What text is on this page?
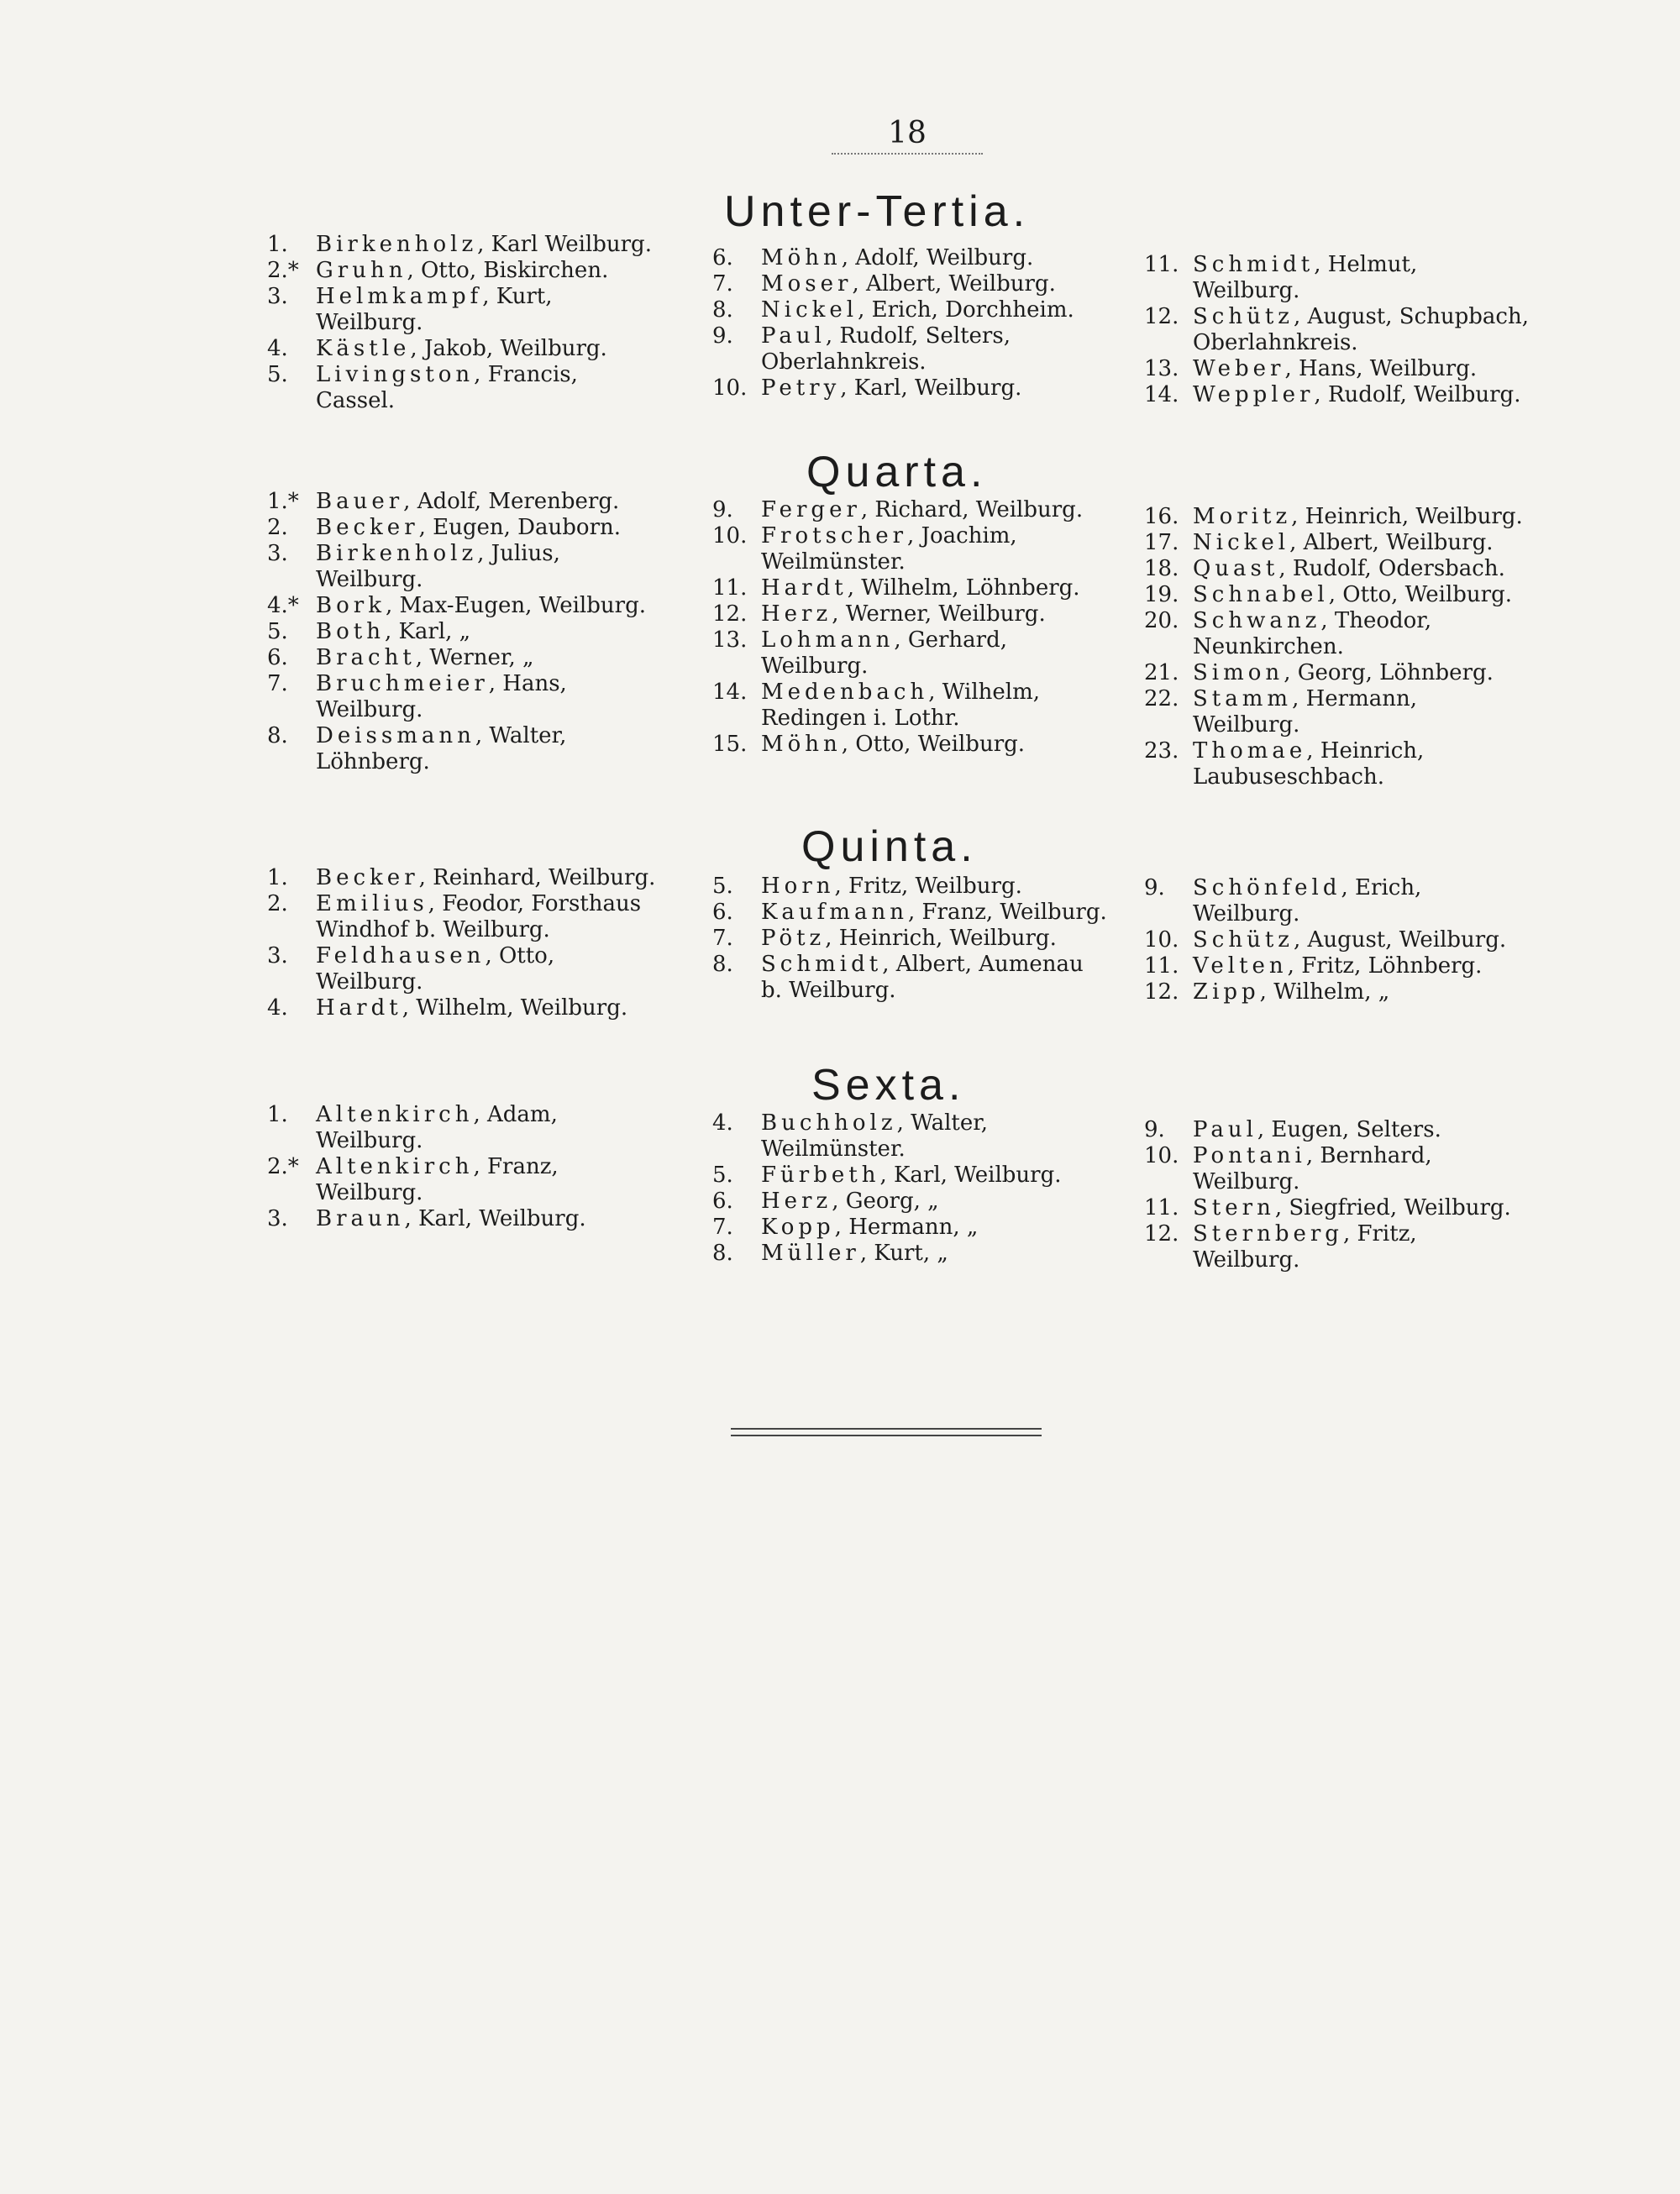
18
Unter-Tertia.

1.	Birkenholz, Karl Weilburg.

2.* Gruhn, Otto, Biskirchen.

3.	Helmkampf, Kurt, Weilburg.

4.	Kästle, Jakob, Weilburg.

5.	Livingston, Francis, Cassel.

6.	Möhn, Adolf, Weilburg.

7.	Moser, Albert, Weilburg.

8.	Nickel, Erich, Dorchheim.

9.	Paul, Rudolf, Selters, Oberlahnkreis.

10. Petry, Karl, Weilburg.

11. Schmidt, Helmut, Weilburg.

12. Schütz, August, Schupbach, Oberlahnkreis.

13. Weber, Hans, Weilburg.

14. Weppler, Rudolf, Weilburg.

Quarta.

1.* Bauer, Adolf, Merenberg.

2.	Becker, Eugen, Dauborn.

3.	Birkenholz, Julius, Weilburg.

4.* Bork, Max-Eugen, Weilburg.

5.	Both, Karl, „

6.	Bracht, Werner, „

7.	Bruchmeier, Hans, Weilburg.

8.	Deissmann, Walter, Löhnberg.

9.	Ferger, Richard, Weilburg.

10. Frotscher, Joachim, Weilmünster.

11. Hardt, Wilhelm, Löhnberg.

12. Herz, Werner, Weilburg.

13. Lohmann, Gerhard, Weilburg.

14. Medenbach, Wilhelm, Redingen i. Lothr.

15. Möhn, Otto, Weilburg.

16. Moritz, Heinrich, Weilburg.

17. Nickel, Albert, Weilburg.

18. Quast, Rudolf, Odersbach.

19. Schnabel, Otto, Weilburg.

20. Schwanz, Theodor, Neunkirchen.

21. Simon, Georg, Löhnberg.

22. Stamm, Hermann, Weilburg.

23. Thomae, Heinrich, Laubuseschbach.

Quinta.

1.	Becker, Reinhard, Weilburg.

2.	Emilius, Feodor, Forsthaus Windhof b. Weilburg.

3.	Feldhausen, Otto, Weilburg.

4.	Hardt, Wilhelm, Weilburg.

5.	Horn, Fritz, Weilburg.

6.	Kaufmann, Franz, Weilburg.

7.	Pötz, Heinrich, Weilburg.

8.	Schmidt, Albert, Aumenau b. Weilburg.

9.	Schönfeld, Erich, Weilburg.

10. Schütz, August, Weilburg.

11. Velten, Fritz, Löhnberg.

12. Zipp, Wilhelm, „

Sexta.

1.	Altenkirch, Adam, Weilburg.

2.* Altenkirch, Franz, Weilburg.

3.	Braun, Karl, Weilburg.

4.	Buchholz, Walter, Weilmünster.

5.	Fürbeth, Karl, Weilburg.

6.	Herz, Georg, „

7.	Kopp, Hermann, „

8.	Müller, Kurt, „

9.	Paul, Eugen, Selters.

10. Pontani, Bernhard, Weilburg.

11. Stern, Siegfried, Weilburg.

12. Sternberg, Fritz, Weilburg.
